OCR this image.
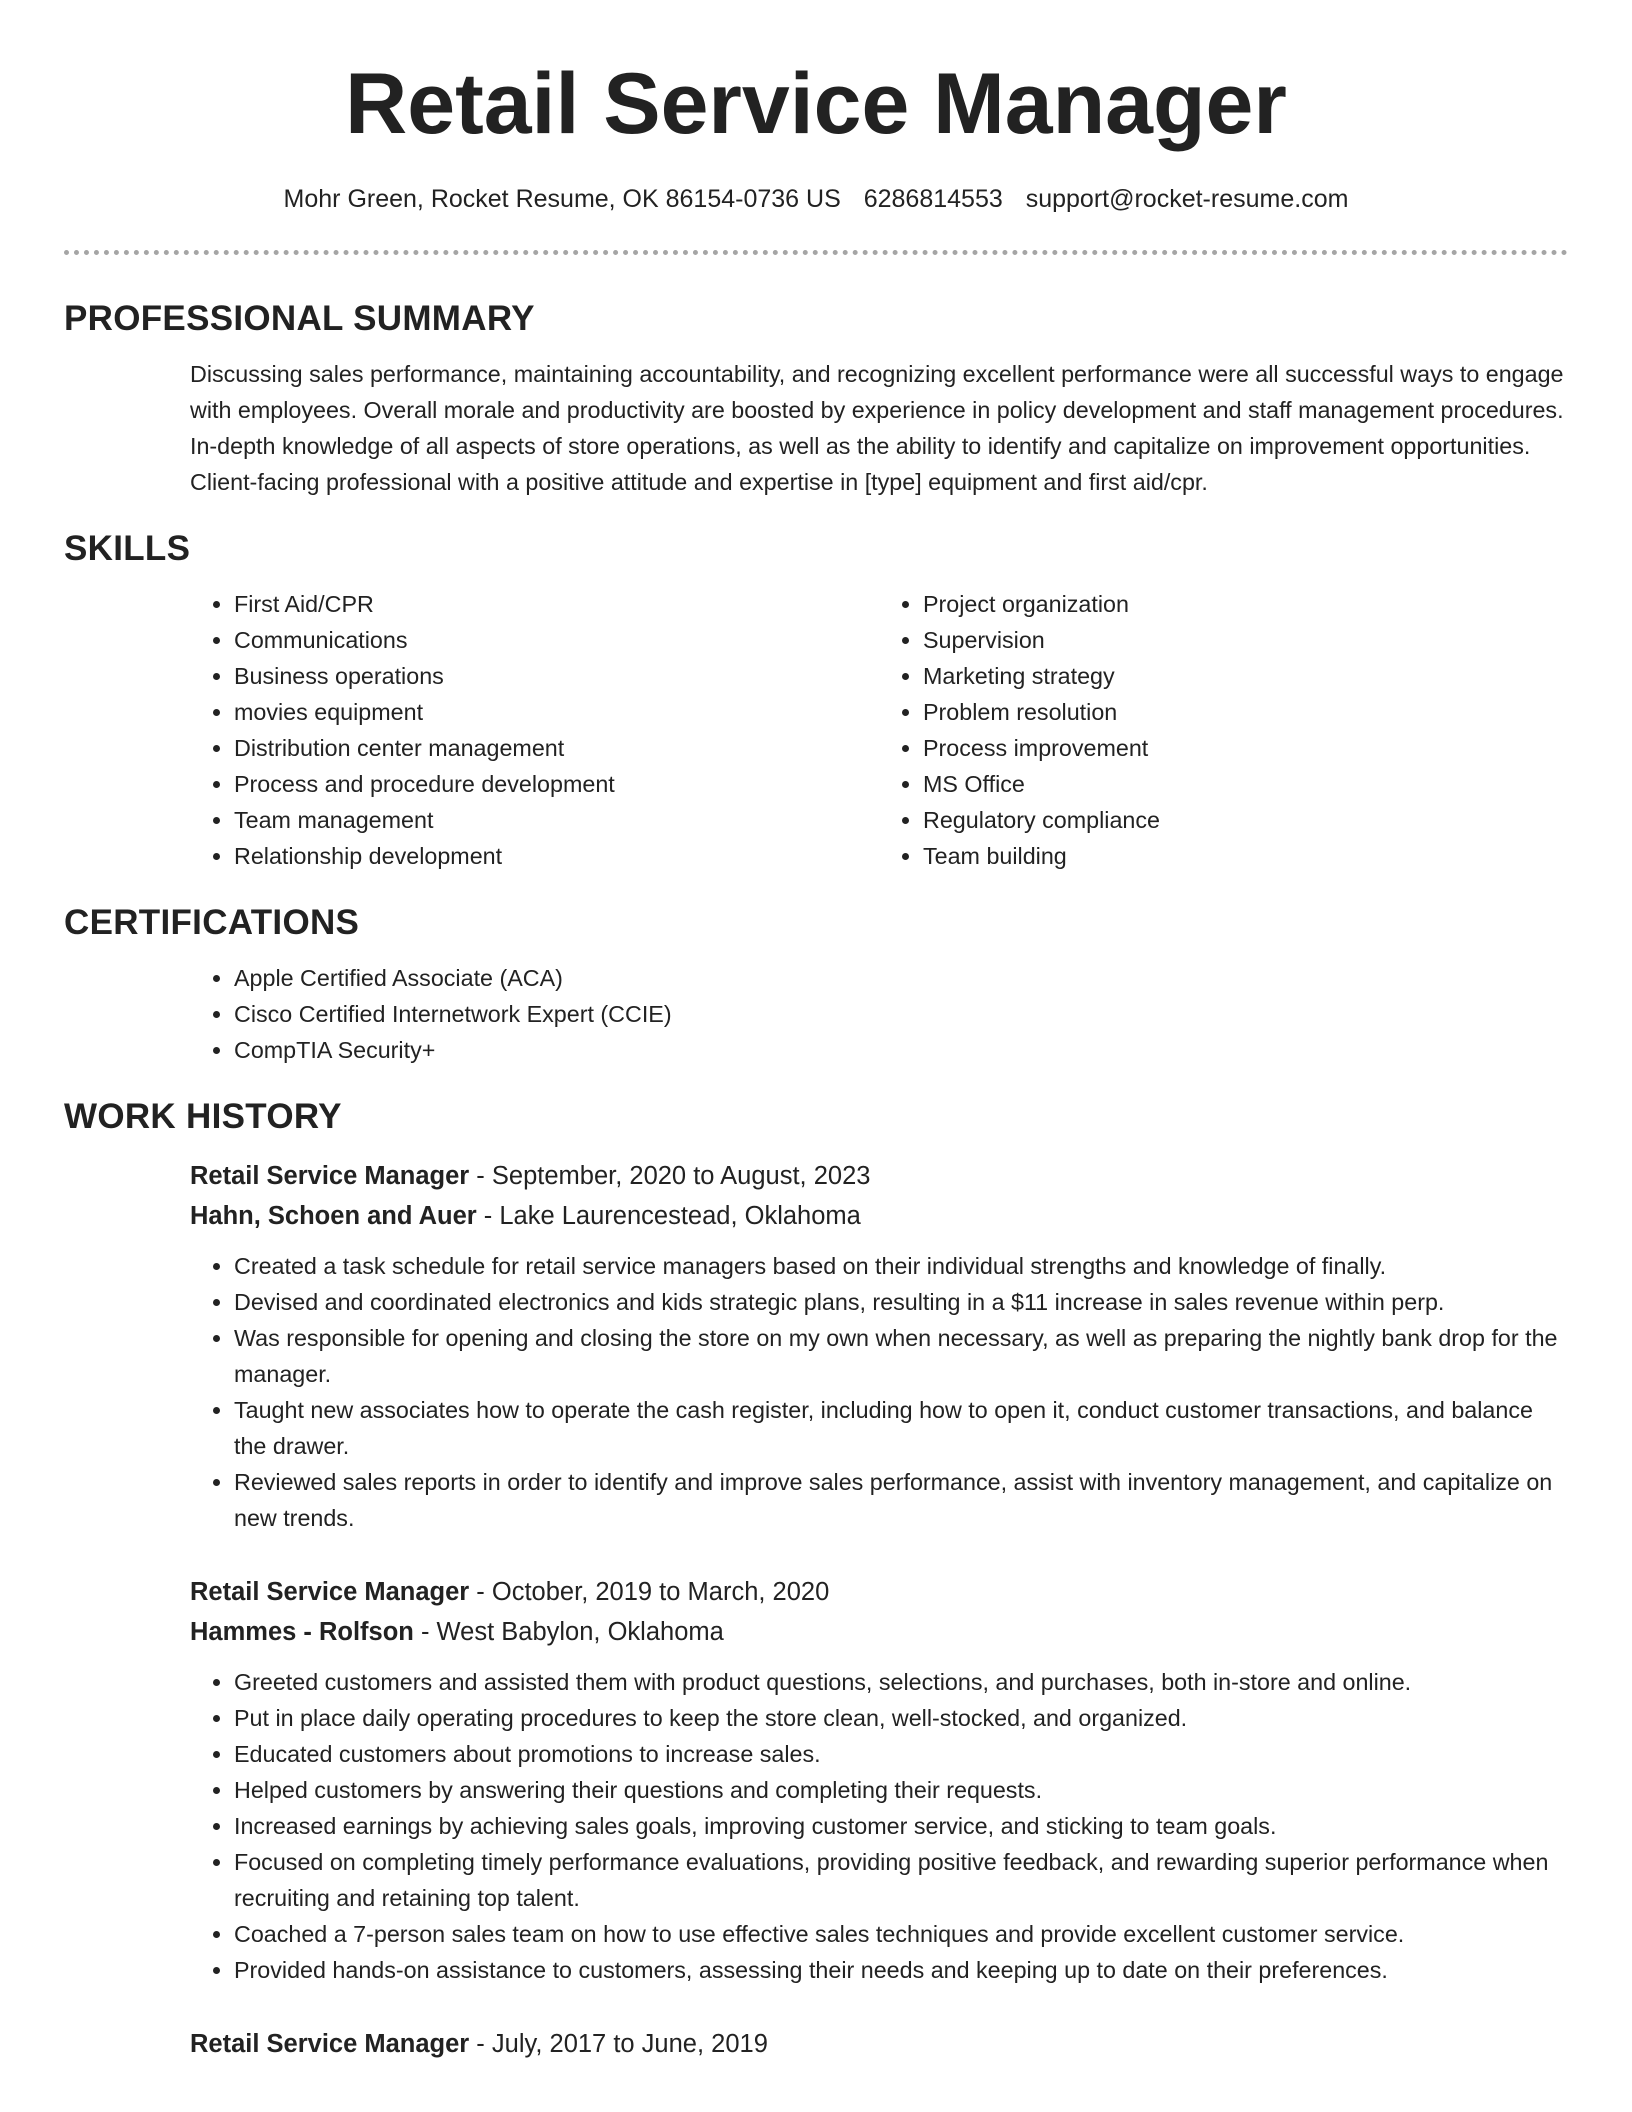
Retail Service Manager
Mohr Green, Rocket Resume, OK 86154-0736 US 6286814553 support@rocket-resume.com
PROFESSIONAL SUMMARY

Discussing sales performance, maintaining accountability, and recognizing excellent performance were all successful ways to engage with employees. Overall morale and productivity are boosted by experience in policy development and staff management procedures. In-depth knowledge of all aspects of store operations, as well as the ability to identify and capitalize on improvement opportunities. Client-facing professional with a positive attitude and expertise in [type] equipment and first aid/cpr.

SKILLS
• First Aid/CPR
• Communications
• Business operations
• movies equipment
• Distribution center management
• Process and procedure development
• Team management
• Relationship development
• Project organization
• Supervision
• Marketing strategy
• Problem resolution
• Process improvement
• MS Office
• Regulatory compliance
• Team building
CERTIFICATIONS
• Apple Certified Associate (ACA)
• Cisco Certified Internetwork Expert (CCIE)
• CompTIA Security+
WORK HISTORY
Retail Service Manager - September, 2020 to August, 2023
Hahn, Schoen and Auer - Lake Laurencestead, Oklahoma
• Created a task schedule for retail service managers based on their individual strengths and knowledge of finally.
• Devised and coordinated electronics and kids strategic plans, resulting in a $11 increase in sales revenue within perp.
• Was responsible for opening and closing the store on my own when necessary, as well as preparing the nightly bank drop for the manager.
• Taught new associates how to operate the cash register, including how to open it, conduct customer transactions, and balance the drawer.
• Reviewed sales reports in order to identify and improve sales performance, assist with inventory management, and capitalize on new trends.
Retail Service Manager - October, 2019 to March, 2020
Hammes - Rolfson - West Babylon, Oklahoma
• Greeted customers and assisted them with product questions, selections, and purchases, both in-store and online.
• Put in place daily operating procedures to keep the store clean, well-stocked, and organized.
• Educated customers about promotions to increase sales.
• Helped customers by answering their questions and completing their requests.
• Increased earnings by achieving sales goals, improving customer service, and sticking to team goals.
• Focused on completing timely performance evaluations, providing positive feedback, and rewarding superior performance when recruiting and retaining top talent.
• Coached a 7-person sales team on how to use effective sales techniques and provide excellent customer service.
• Provided hands-on assistance to customers, assessing their needs and keeping up to date on their preferences.
Retail Service Manager - July, 2017 to June, 2019
